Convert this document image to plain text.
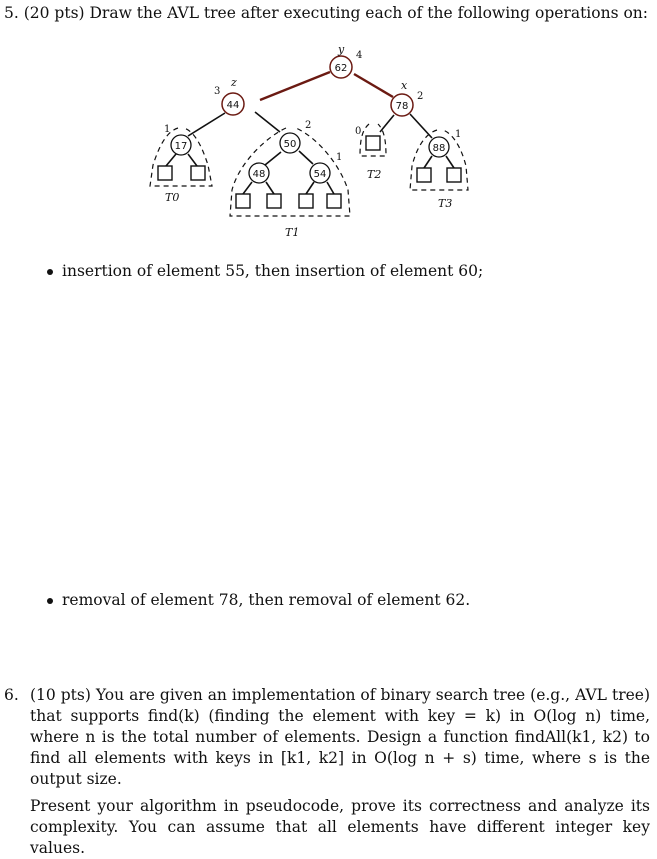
5. (20 pts) Draw the AVL tree after executing each of the following operations on:
62
44	78
17	50
48	54
88
4
3	2
1	2
1
1
0
y
z	x
T0
T1
T2
T3
insertion of element 55, then insertion of element 60;
removal of element 78, then removal of element 62.
6. (10 pts) You are given an implementation of binary search tree (e.g., AVL tree) that supports find(k) (finding the element with key = k) in O(log n) time, where n is the total number of elements. Design a function findAll(k1, k2) to find all elements with keys in [k1, k2] in O(log n + s) time, where s is the output size.
Present your algorithm in pseudocode, prove its correctness and analyze its complexity. You can assume that all elements have different integer key values.
